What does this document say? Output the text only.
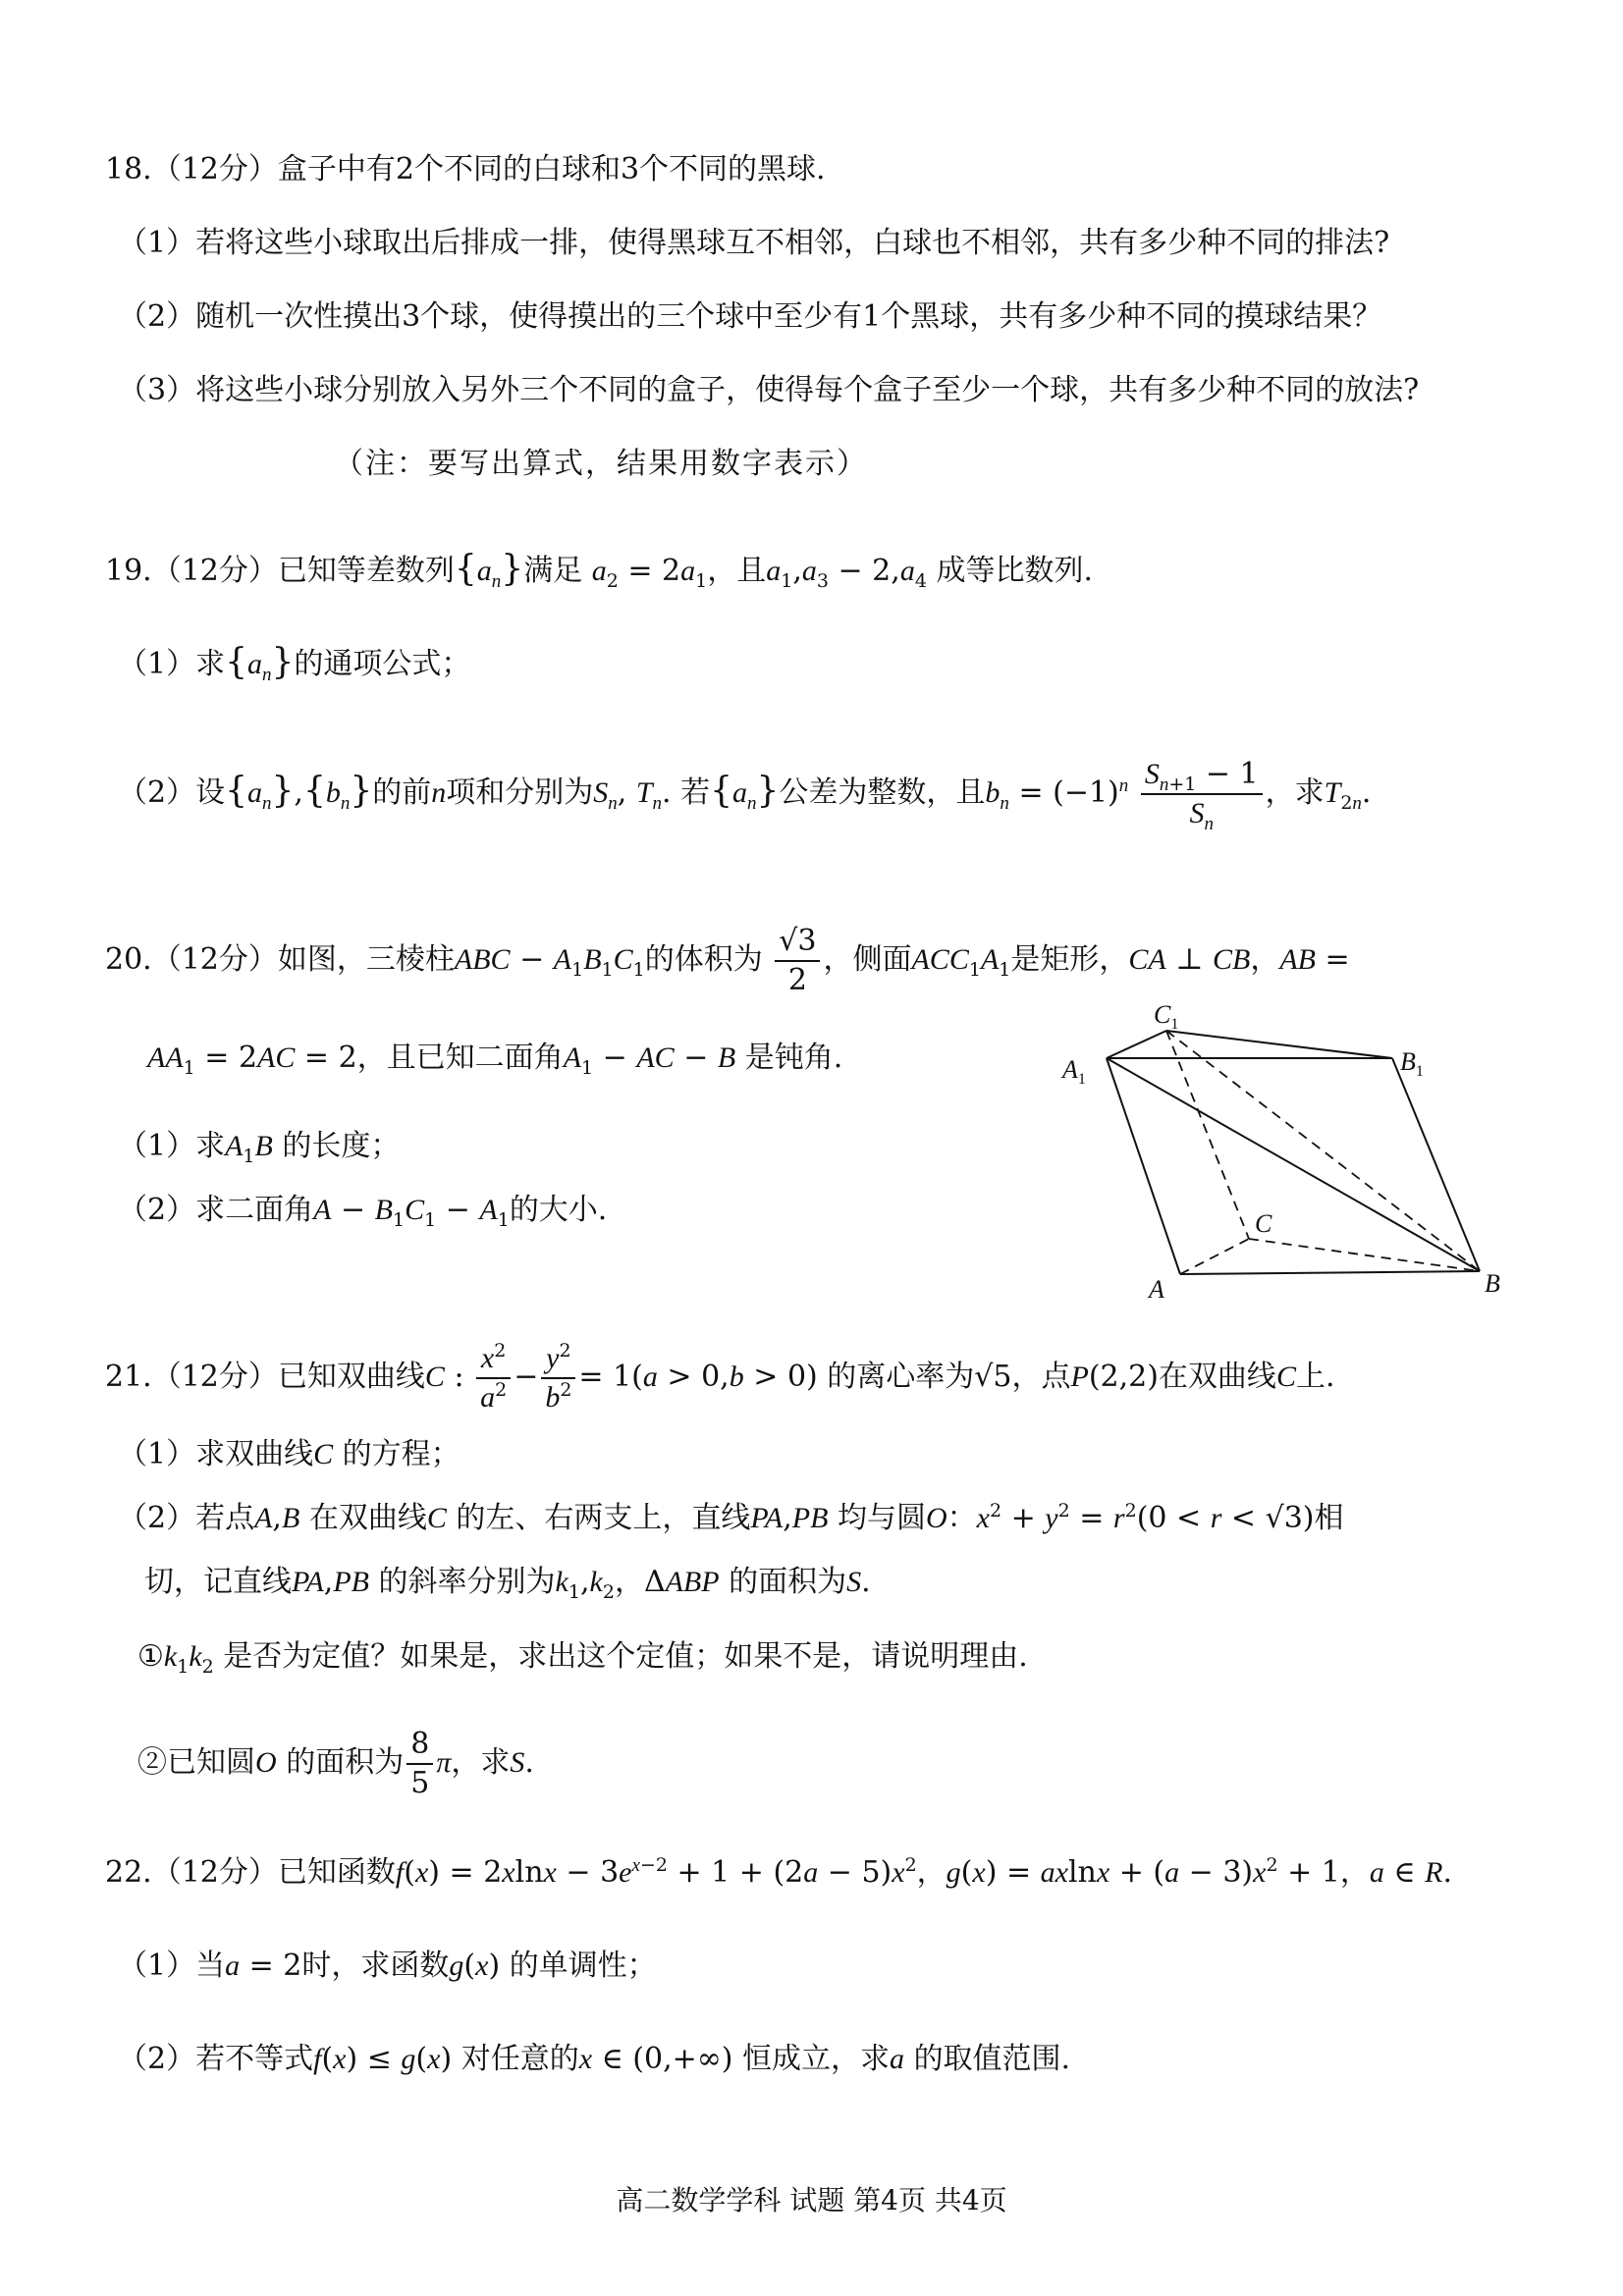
18.（12分）盒子中有2个不同的白球和3个不同的黑球.
（1）若将这些小球取出后排成一排，使得黑球互不相邻，白球也不相邻，共有多少种不同的排法?
（2）随机一次性摸出3个球，使得摸出的三个球中至少有1个黑球，共有多少种不同的摸球结果？
（3）将这些小球分别放入另外三个不同的盒子，使得每个盒子至少一个球，共有多少种不同的放法?
（注：要写出算式，结果用数字表示）
19.（12分）已知等差数列$\{a_n\}$满足 $a_2 = 2a_1$，且$a_1,a_3 - 2,a_4$ 成等比数列.
（1）求$\{a_n\}$的通项公式；
（2）设$\{a_n\},\{b_n\}$的前n项和分别为$S_n$, $T_n$. 若$\{a_n\}$公差为整数，且$b_n = (-1)^n \frac{S_{n+1} - 1}{S_n}$ ，求$T_{2n}$.
20.（12分）如图，三棱柱ABC − $A_1B_1C_1$的体积为 $\frac{√3}{2}$ ，侧面$ACC_1A_1$是矩形，CA ⊥ CB，AB =
$AA_1 = 2AC = 2$，且已知二面角$A_1$ − AC − B 是钝角.
（1）求$A_1B$ 的长度；
（2）求二面角$A - B_1C_1 - A_1$的大小.
$C_1$
$A_1$
$B_1$
C
A	B
21.（12分）已知双曲线C : $\frac{x^2}{a^2} - \frac{y^2}{b^2} = 1(a > 0,b > 0)$ 的离心率为√5，点P(2,2)在双曲线C上.
（1）求双曲线C 的方程；
（2）若点A,B 在双曲线C 的左、右两支上，直线PA,PB 均与圆O：$x^2 + y^2 = r^2(0 < r < √3)$相
切，记直线PA,PB 的斜率分别为$k_1,k_2$，ΔABP 的面积为S.
$①k_1k_2$ 是否为定值？如果是，求出这个定值；如果不是，请说明理由.
②已知圆O 的面积为 $\frac{8}{5}$ π，求S.
22.（12分）已知函数$f(x) = 2xlnx - 3e^{x-2} + 1 + (2a - 5)x^2$，$g(x) = axlnx + (a - 3)x^2 + 1$，a ∈ R.
（1）当a = 2时，求函数g(x) 的单调性；
（2）若不等式f(x) ≤ g(x) 对任意的x ∈ (0,+∞) 恒成立，求a 的取值范围.
高二数学学科 试题 第4页 共4页
